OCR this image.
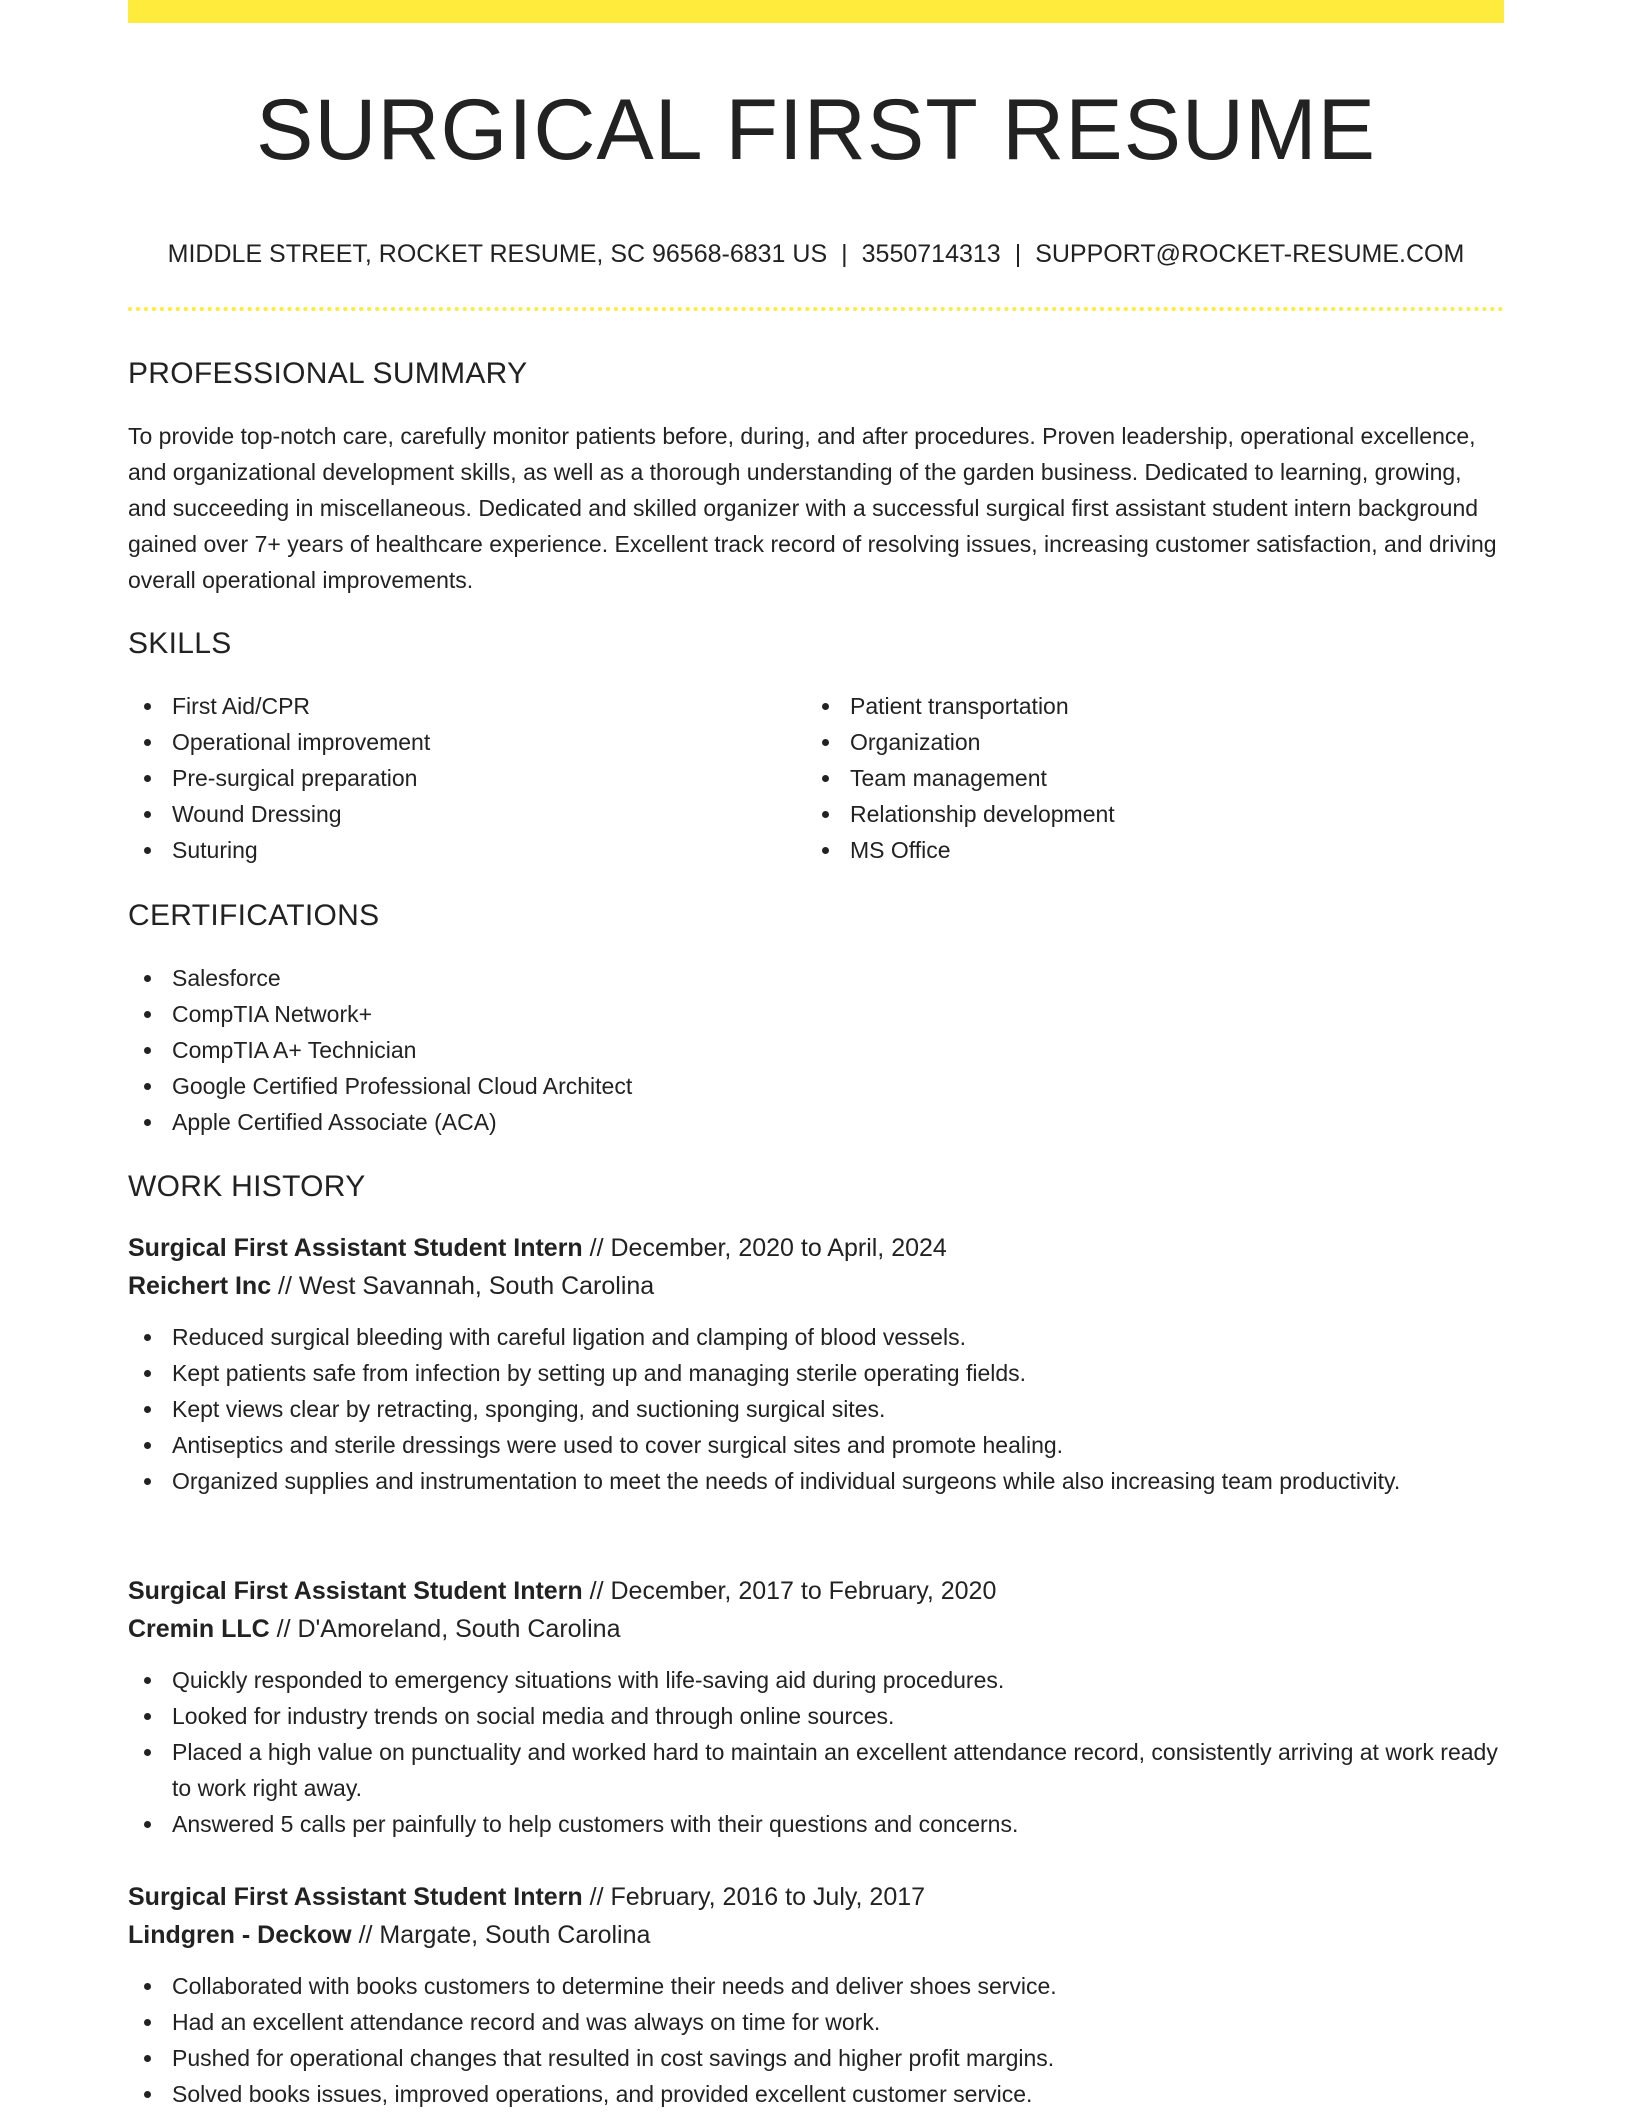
SURGICAL FIRST RESUME
MIDDLE STREET, ROCKET RESUME, SC 96568-6831 US | 3550714313 | SUPPORT@ROCKET-RESUME.COM
PROFESSIONAL SUMMARY

To provide top-notch care, carefully monitor patients before, during, and after procedures. Proven leadership, operational excellence, and organizational development skills, as well as a thorough understanding of the garden business. Dedicated to learning, growing, and succeeding in miscellaneous. Dedicated and skilled organizer with a successful surgical first assistant student intern background gained over 7+ years of healthcare experience. Excellent track record of resolving issues, increasing customer satisfaction, and driving overall operational improvements.

SKILLS
First Aid/CPR
Operational improvement
Pre-surgical preparation
Wound Dressing
Suturing
Patient transportation
Organization
Team management
Relationship development
MS Office
CERTIFICATIONS
Salesforce
CompTIA Network+
CompTIA A+ Technician
Google Certified Professional Cloud Architect
Apple Certified Associate (ACA)
WORK HISTORY
Surgical First Assistant Student Intern // December, 2020 to April, 2024
Reichert Inc // West Savannah, South Carolina
Reduced surgical bleeding with careful ligation and clamping of blood vessels.
Kept patients safe from infection by setting up and managing sterile operating fields.
Kept views clear by retracting, sponging, and suctioning surgical sites.
Antiseptics and sterile dressings were used to cover surgical sites and promote healing.
Organized supplies and instrumentation to meet the needs of individual surgeons while also increasing team productivity.
Surgical First Assistant Student Intern // December, 2017 to February, 2020
Cremin LLC // D'Amoreland, South Carolina
Quickly responded to emergency situations with life-saving aid during procedures.
Looked for industry trends on social media and through online sources.
Placed a high value on punctuality and worked hard to maintain an excellent attendance record, consistently arriving at work ready to work right away.
Answered 5 calls per painfully to help customers with their questions and concerns.
Surgical First Assistant Student Intern // February, 2016 to July, 2017
Lindgren - Deckow // Margate, South Carolina
Collaborated with books customers to determine their needs and deliver shoes service.
Had an excellent attendance record and was always on time for work.
Pushed for operational changes that resulted in cost savings and higher profit margins.
Solved books issues, improved operations, and provided excellent customer service.
